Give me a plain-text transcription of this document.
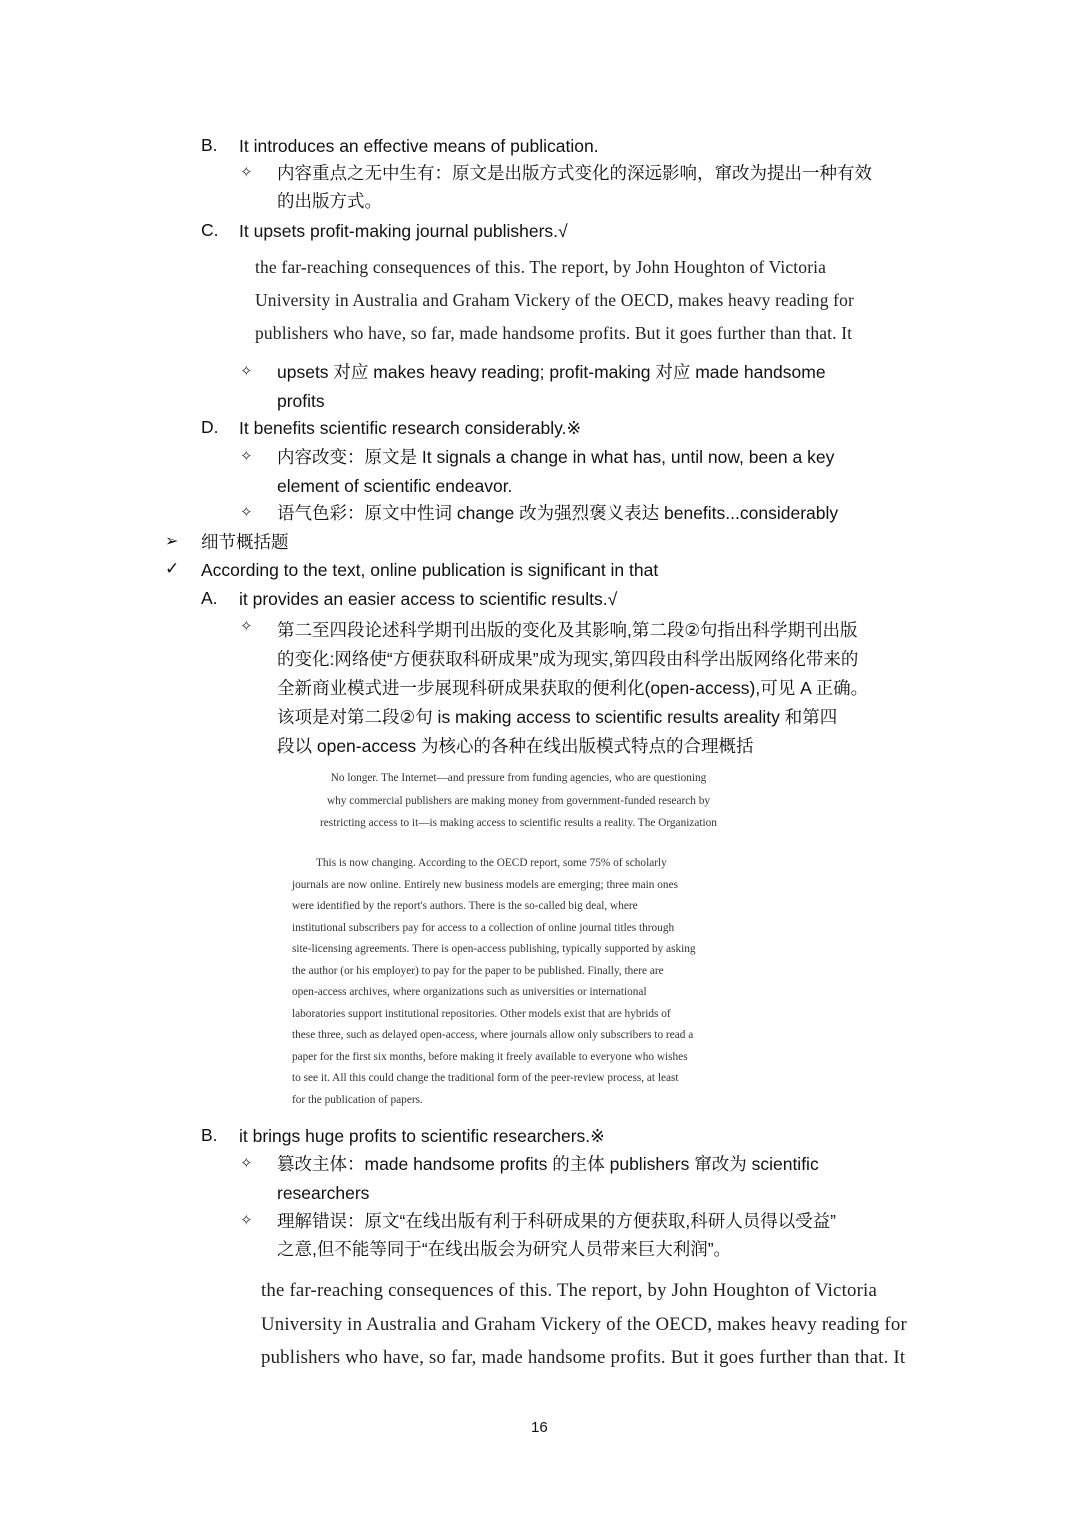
B. It introduces an effective means of publication.
✧ 内容重点之无中生有：原文是出版方式变化的深远影响，窜改为提出一种有效
的出版方式。
C. It upsets profit-making journal publishers.√
the far-reaching consequences of this. The report, by John Houghton of Victoria
University in Australia and Graham Vickery of the OECD, makes heavy reading for
publishers who have, so far, made handsome profits. But it goes further than that. It
✧ upsets 对应 makes heavy reading; profit-making 对应 made handsome
profits
D. It benefits scientific research considerably.※
✧ 内容改变：原文是 It signals a change in what has, until now, been a key
element of scientific endeavor.
✧ 语气色彩：原文中性词 change 改为强烈褒义表达 benefits...considerably
➢ 细节概括题
✓ According to the text, online publication is significant in that
A. it provides an easier access to scientific results.√
✧ 第二至四段论述科学期刊出版的变化及其影响,第二段②句指出科学期刊出版
的变化:网络使“方便获取科研成果”成为现实,第四段由科学出版网络化带来的
全新商业模式进一步展现科研成果获取的便利化(open-access),可见 A 正确。
该项是对第二段②句 is making access to scientific results areality 和第四
段以 open-access 为核心的各种在线出版模式特点的合理概括
No longer. The Internet—and pressure from funding agencies, who are questioning
why commercial publishers are making money from government-funded research by
restricting access to it—is making access to scientific results a reality. The Organization
This is now changing. According to the OECD report, some 75% of scholarly
journals are now online. Entirely new business models are emerging; three main ones
were identified by the report's authors. There is the so-called big deal, where
institutional subscribers pay for access to a collection of online journal titles through
site-licensing agreements. There is open-access publishing, typically supported by asking
the author (or his employer) to pay for the paper to be published. Finally, there are
open-access archives, where organizations such as universities or international
laboratories support institutional repositories. Other models exist that are hybrids of
these three, such as delayed open-access, where journals allow only subscribers to read a
paper for the first six months, before making it freely available to everyone who wishes
to see it. All this could change the traditional form of the peer-review process, at least
for the publication of papers.
B. it brings huge profits to scientific researchers.※
✧ 篡改主体：made handsome profits 的主体 publishers 窜改为 scientific
researchers
✧ 理解错误：原文“在线出版有利于科研成果的方便获取,科研人员得以受益”
之意,但不能等同于“在线出版会为研究人员带来巨大利润”。
the far-reaching consequences of this. The report, by John Houghton of Victoria
University in Australia and Graham Vickery of the OECD, makes heavy reading for
publishers who have, so far, made handsome profits. But it goes further than that. It
16
